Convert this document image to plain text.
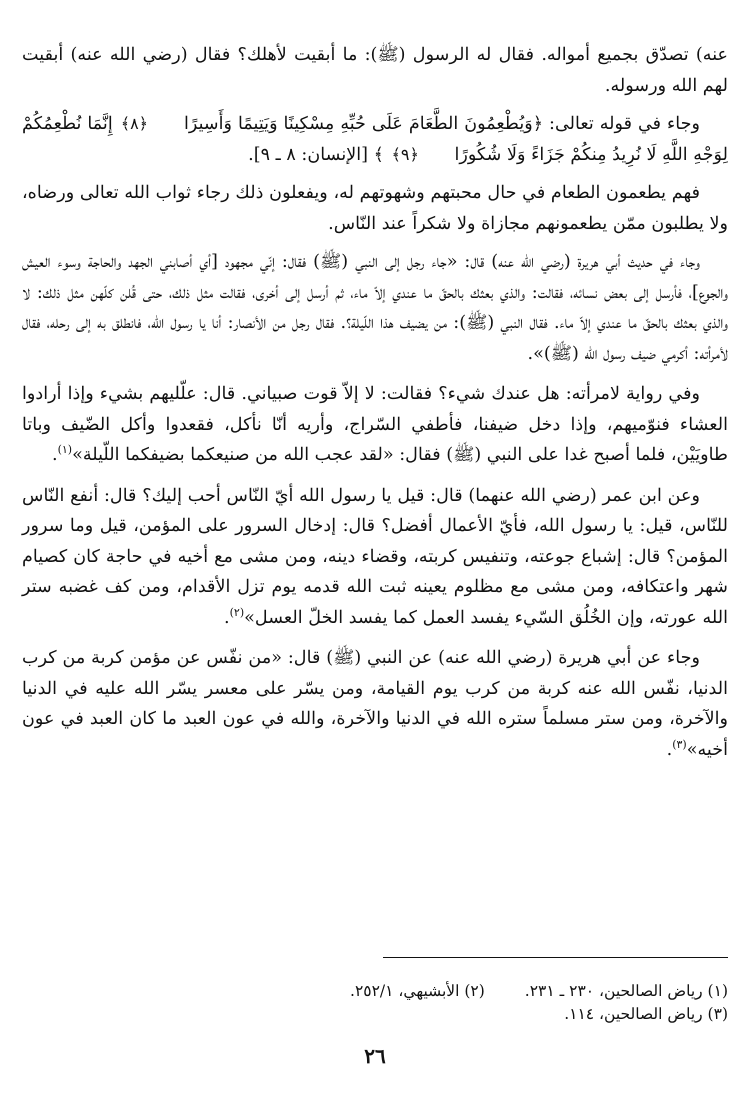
عنه) تصدّق بجميع أمواله. فقال له الرسول (ﷺ): ما أبقيت لأهلك؟ فقال (رضي الله عنه) أبقيت لهم الله ورسوله.

وجاء في قوله تعالى: ﴿وَيُطْعِمُونَ الطَّعَامَ عَلَى حُبِّهِ مِسْكِينًا وَيَتِيمًا وَأَسِيرًا ﴿٨﴾ إِنَّمَا نُطْعِمُكُمْ لِوَجْهِ اللَّهِ لَا نُرِيدُ مِنكُمْ جَزَاءً وَلَا شُكُورًا ﴿٩﴾ ﴾ [الإنسان: ٨ ـ ٩].

فهم يطعمون الطعام في حال محبتهم وشهوتهم له، ويفعلون ذلك رجاء ثواب الله تعالى ورضاه، ولا يطلبون ممّن يطعمونهم مجازاة ولا شكراً عند النّاس.

وجاء في حديث أبي هريرة (رضي الله عنه) قال: «جاء رجل إلى النبي (ﷺ) فقال: إنّي مجهود [أي أصابني الجهد والحاجة وسوء العيش والجوع]، فأرسل إلى بعض نسائه، فقالت: والذي بعثك بالحقّ ما عندي إلاّ ماء، ثم أرسل إلى أخرى، فقالت مثل ذلك، حتى قُلن كلّهن مثل ذلك: لا والذي بعثك بالحقّ ما عندي إلاّ ماء. فقال النبي (ﷺ): من يضيف هذا اللّيلة؟. فقال رجل من الأنصار: أنا يا رسول الله، فانطلق به إلى رحله، فقال لأمرأته: أكرمي ضيف رسول الله (ﷺ)».

وفي رواية لامرأته: هل عندك شيء؟ فقالت: لا إلاّ قوت صبياني. قال: علّليهم بشيء وإذا أرادوا العشاء فنوّميهم، وإذا دخل ضيفنا، فأطفي السّراج، وأريه أنّا نأكل، فقعدوا وأكل الضّيف وباتا طاويَيْن، فلما أصبح غدا على النبي (ﷺ) فقال: «لقد عجب الله من صنيعكما بضيفكما اللّيلة»$^{(١)}$.

وعن ابن عمر (رضي الله عنهما) قال: قيل يا رسول الله أيّ النّاس أحب إليك؟ قال: أنفع النّاس للنّاس، قيل: يا رسول الله، فأيّ الأعمال أفضل؟ قال: إدخال السرور على المؤمن، قيل وما سرور المؤمن؟ قال: إشباع جوعته، وتنفيس كربته، وقضاء دينه، ومن مشى مع أخيه في حاجة كان كصيام شهر واعتكافه، ومن مشى مع مظلوم يعينه ثبت الله قدمه يوم تزل الأقدام، ومن كف غضبه ستر الله عورته، وإن الخُلُق السّيء يفسد العمل كما يفسد الخلّ العسل»$^{(٢)}$.

وجاء عن أبي هريرة (رضي الله عنه) عن النبي (ﷺ) قال: «من نفّس عن مؤمن كربة من كرب الدنيا، نفّس الله عنه كربة من كرب يوم القيامة، ومن يسّر على معسر يسّر الله عليه في الدنيا والآخرة، ومن ستر مسلماً ستره الله في الدنيا والآخرة، والله في عون العبد ما كان العبد في عون أخيه»$^{(٣)}$.

(١) رياض الصالحين، ٢٣٠ ـ ٢٣١.
(٢) الأبشيهي، ٢٥٢/١.
(٣) رياض الصالحين، ١١٤.
٢٦
